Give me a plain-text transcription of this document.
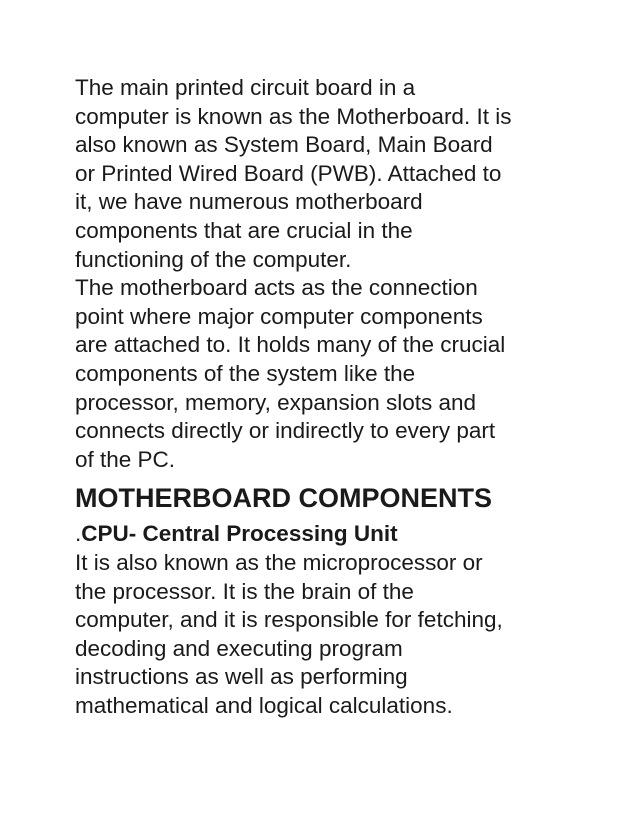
The main printed circuit board in a
computer is known as the Motherboard. It is
also known as System Board, Main Board
or Printed Wired Board (PWB). Attached to
it, we have numerous motherboard
components that are crucial in the
functioning of the computer.

The motherboard acts as the connection
point where major computer components
are attached to. It holds many of the crucial
components of the system like the
processor, memory, expansion slots and
connects directly or indirectly to every part
of the PC.

MOTHERBOARD COMPONENTS

.CPU- Central Processing Unit

It is also known as the microprocessor or
the processor. It is the brain of the
computer, and it is responsible for fetching,
decoding and executing program
instructions as well as performing
mathematical and logical calculations.
